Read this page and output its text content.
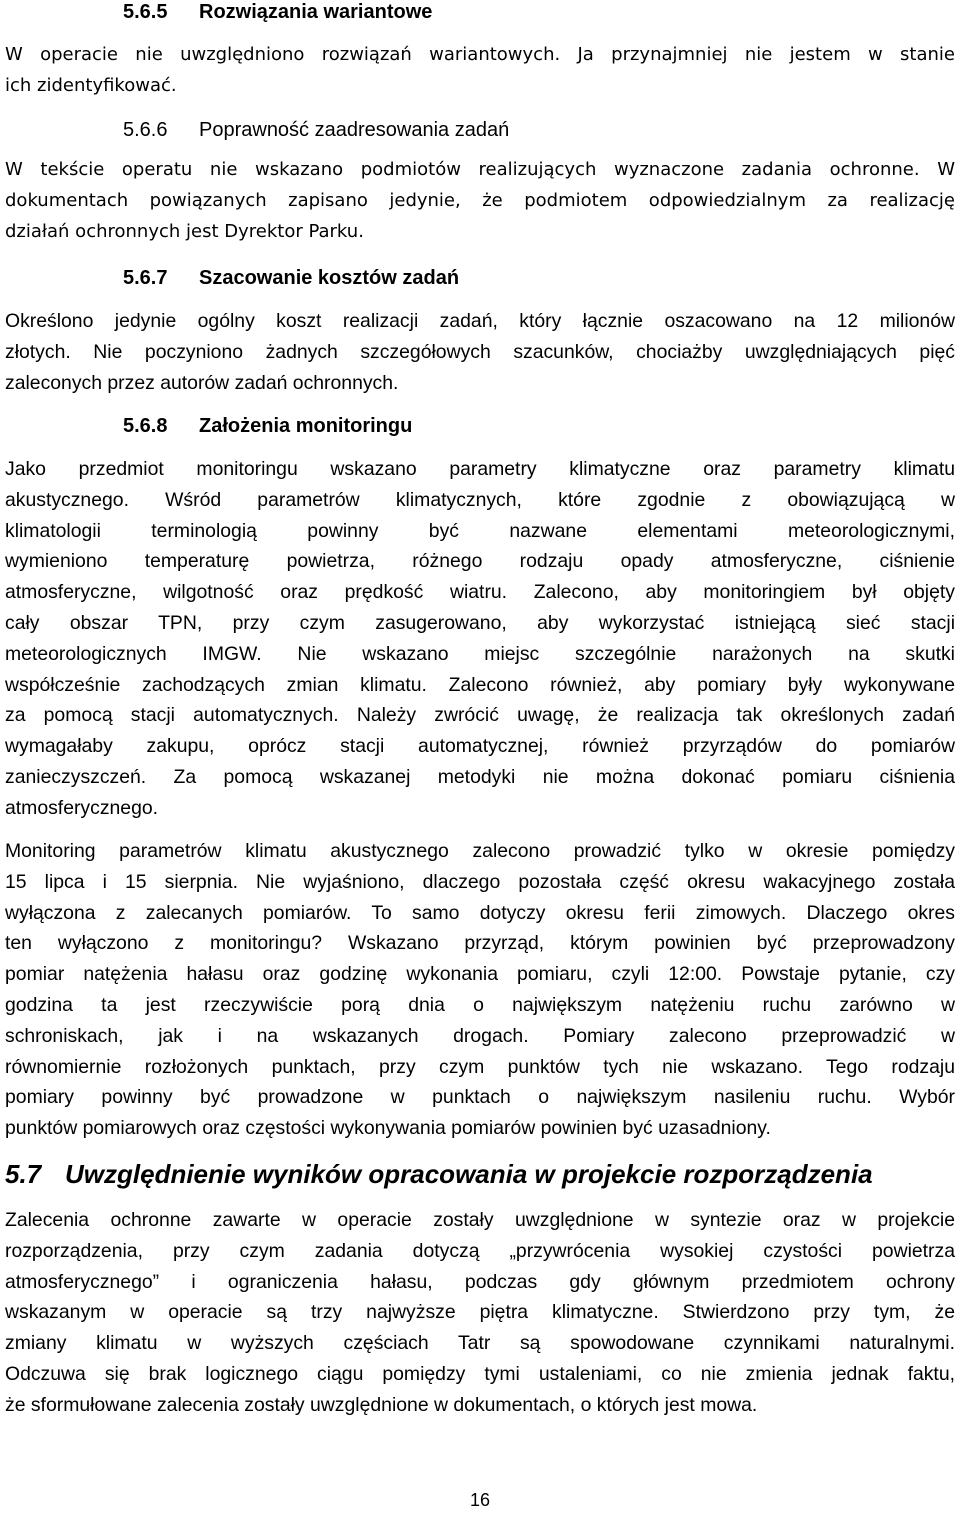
5.6.5 Rozwiązania wariantowe
W operacie nie uwzględniono rozwiązań wariantowych. Ja przynajmniej nie jestem w stanie
ich zidentyfikować.
5.6.6 Poprawność zaadresowania zadań
W tekście operatu nie wskazano podmiotów realizujących wyznaczone zadania ochronne. W
dokumentach powiązanych zapisano jedynie, że podmiotem odpowiedzialnym za realizację
działań ochronnych jest Dyrektor Parku.
5.6.7 Szacowanie kosztów zadań
Określono jedynie ogólny koszt realizacji zadań, który łącznie oszacowano na 12 milionów
złotych. Nie poczyniono żadnych szczegółowych szacunków, chociażby uwzględniających pięć
zaleconych przez autorów zadań ochronnych.
5.6.8 Założenia monitoringu
Jako przedmiot monitoringu wskazano parametry klimatyczne oraz parametry klimatu
akustycznego. Wśród parametrów klimatycznych, które zgodnie z obowiązującą w
klimatologii terminologią powinny być nazwane elementami meteorologicznymi,
wymieniono temperaturę powietrza, różnego rodzaju opady atmosferyczne, ciśnienie
atmosferyczne, wilgotność oraz prędkość wiatru. Zalecono, aby monitoringiem był objęty
cały obszar TPN, przy czym zasugerowano, aby wykorzystać istniejącą sieć stacji
meteorologicznych IMGW. Nie wskazano miejsc szczególnie narażonych na skutki
współcześnie zachodzących zmian klimatu. Zalecono również, aby pomiary były wykonywane
za pomocą stacji automatycznych. Należy zwrócić uwagę, że realizacja tak określonych zadań
wymagałaby zakupu, oprócz stacji automatycznej, również przyrządów do pomiarów
zanieczyszczeń. Za pomocą wskazanej metodyki nie można dokonać pomiaru ciśnienia
atmosferycznego.
Monitoring parametrów klimatu akustycznego zalecono prowadzić tylko w okresie pomiędzy
15 lipca i 15 sierpnia. Nie wyjaśniono, dlaczego pozostała część okresu wakacyjnego została
wyłączona z zalecanych pomiarów. To samo dotyczy okresu ferii zimowych. Dlaczego okres
ten wyłączono z monitoringu? Wskazano przyrząd, którym powinien być przeprowadzony
pomiar natężenia hałasu oraz godzinę wykonania pomiaru, czyli 12:00. Powstaje pytanie, czy
godzina ta jest rzeczywiście porą dnia o największym natężeniu ruchu zarówno w
schroniskach, jak i na wskazanych drogach. Pomiary zalecono przeprowadzić w
równomiernie rozłożonych punktach, przy czym punktów tych nie wskazano. Tego rodzaju
pomiary powinny być prowadzone w punktach o największym nasileniu ruchu. Wybór
punktów pomiarowych oraz częstości wykonywania pomiarów powinien być uzasadniony.
5.7 Uwzględnienie wyników opracowania w projekcie rozporządzenia
Zalecenia ochronne zawarte w operacie zostały uwzględnione w syntezie oraz w projekcie
rozporządzenia, przy czym zadania dotyczą „przywrócenia wysokiej czystości powietrza
atmosferycznego” i ograniczenia hałasu, podczas gdy głównym przedmiotem ochrony
wskazanym w operacie są trzy najwyższe piętra klimatyczne. Stwierdzono przy tym, że
zmiany klimatu w wyższych częściach Tatr są spowodowane czynnikami naturalnymi.
Odczuwa się brak logicznego ciągu pomiędzy tymi ustaleniami, co nie zmienia jednak faktu,
że sformułowane zalecenia zostały uwzględnione w dokumentach, o których jest mowa.
16
